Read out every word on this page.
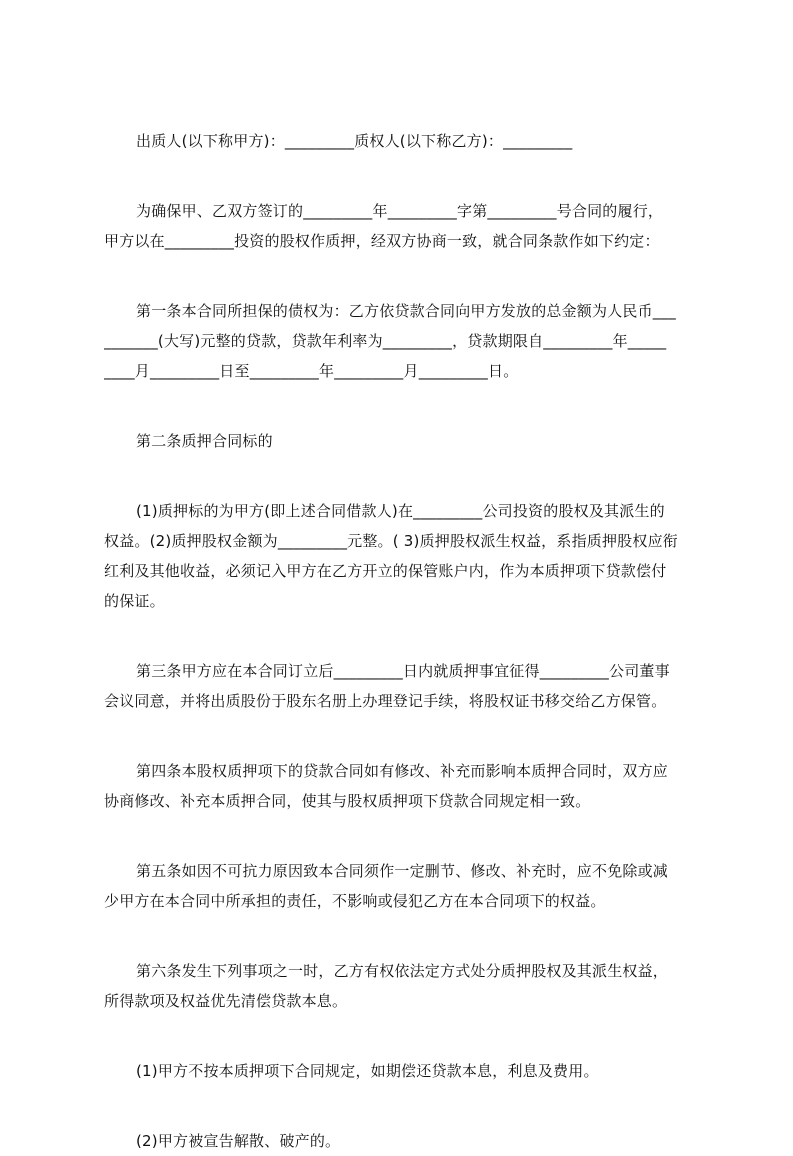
出质人(以下称甲方)：_________质权人(以下称乙方)：_________
为确保甲、乙双方签订的_________年_________字第_________号合同的履行，
甲方以在_________投资的股权作质押，经双方协商一致，就合同条款作如下约定：
第一条本合同所担保的债权为：乙方依贷款合同向甲方发放的总金额为人民币___
_______(大写)元整的贷款，贷款年利率为_________，贷款期限自_________年_____
____月_________日至_________年_________月_________日。
第二条质押合同标的
(1)质押标的为甲方(即上述合同借款人)在_________公司投资的股权及其派生的
权益。(2)质押股权金额为_________元整。( 3)质押股权派生权益，系指质押股权应衔
红利及其他收益，必须记入甲方在乙方开立的保管账户内，作为本质押项下贷款偿付
的保证。
第三条甲方应在本合同订立后_________日内就质押事宜征得_________公司董事
会议同意，并将出质股份于股东名册上办理登记手续，将股权证书移交给乙方保管。
第四条本股权质押项下的贷款合同如有修改、补充而影响本质押合同时，双方应
协商修改、补充本质押合同，使其与股权质押项下贷款合同规定相一致。
第五条如因不可抗力原因致本合同须作一定删节、修改、补充时，应不免除或减
少甲方在本合同中所承担的责任，不影响或侵犯乙方在本合同项下的权益。
第六条发生下列事项之一时，乙方有权依法定方式处分质押股权及其派生权益，
所得款项及权益优先清偿贷款本息。
(1)甲方不按本质押项下合同规定，如期偿还贷款本息，利息及费用。
(2)甲方被宣告解散、破产的。
